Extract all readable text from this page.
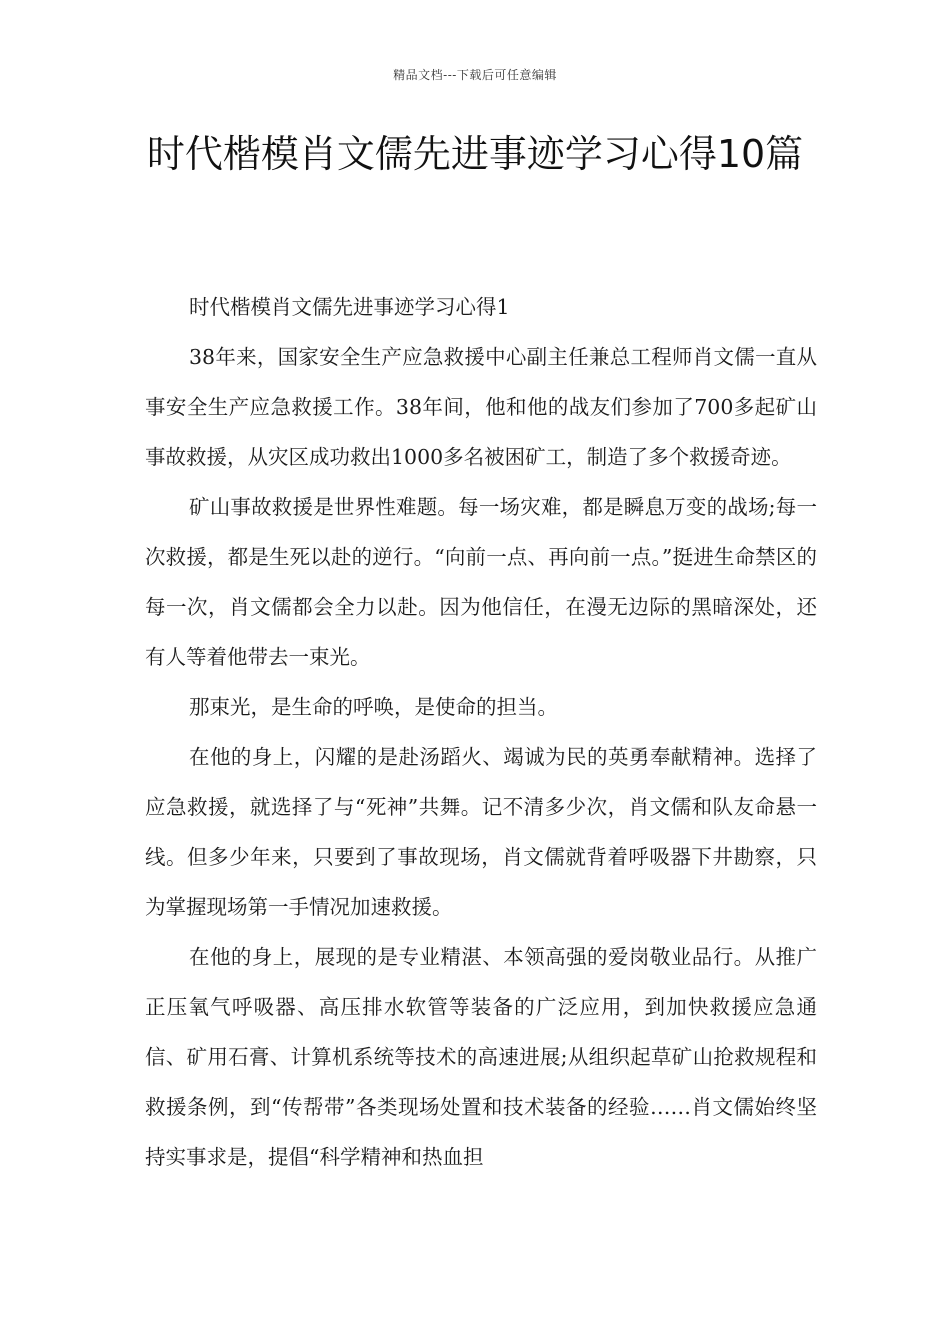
精品文档---下载后可任意编辑
时代楷模肖文儒先进事迹学习心得10篇

时代楷模肖文儒先进事迹学习心得1

38年来，国家安全生产应急救援中心副主任兼总工程师肖文儒一直从事安全生产应急救援工作。38年间，他和他的战友们参加了700多起矿山事故救援，从灾区成功救出1000多名被困矿工，制造了多个救援奇迹。

矿山事故救援是世界性难题。每一场灾难，都是瞬息万变的战场;每一次救援，都是生死以赴的逆行。“向前一点、再向前一点。”挺进生命禁区的每一次，肖文儒都会全力以赴。因为他信任，在漫无边际的黑暗深处，还有人等着他带去一束光。

那束光，是生命的呼唤，是使命的担当。

在他的身上，闪耀的是赴汤蹈火、竭诚为民的英勇奉献精神。选择了应急救援，就选择了与“死神”共舞。记不清多少次，肖文儒和队友命悬一线。但多少年来，只要到了事故现场，肖文儒就背着呼吸器下井勘察，只为掌握现场第一手情况加速救援。

在他的身上，展现的是专业精湛、本领高强的爱岗敬业品行。从推广正压氧气呼吸器、高压排水软管等装备的广泛应用，到加快救援应急通信、矿用石膏、计算机系统等技术的高速进展;从组织起草矿山抢救规程和救援条例，到“传帮带”各类现场处置和技术装备的经验……肖文儒始终坚持实事求是，提倡“科学精神和热血担
